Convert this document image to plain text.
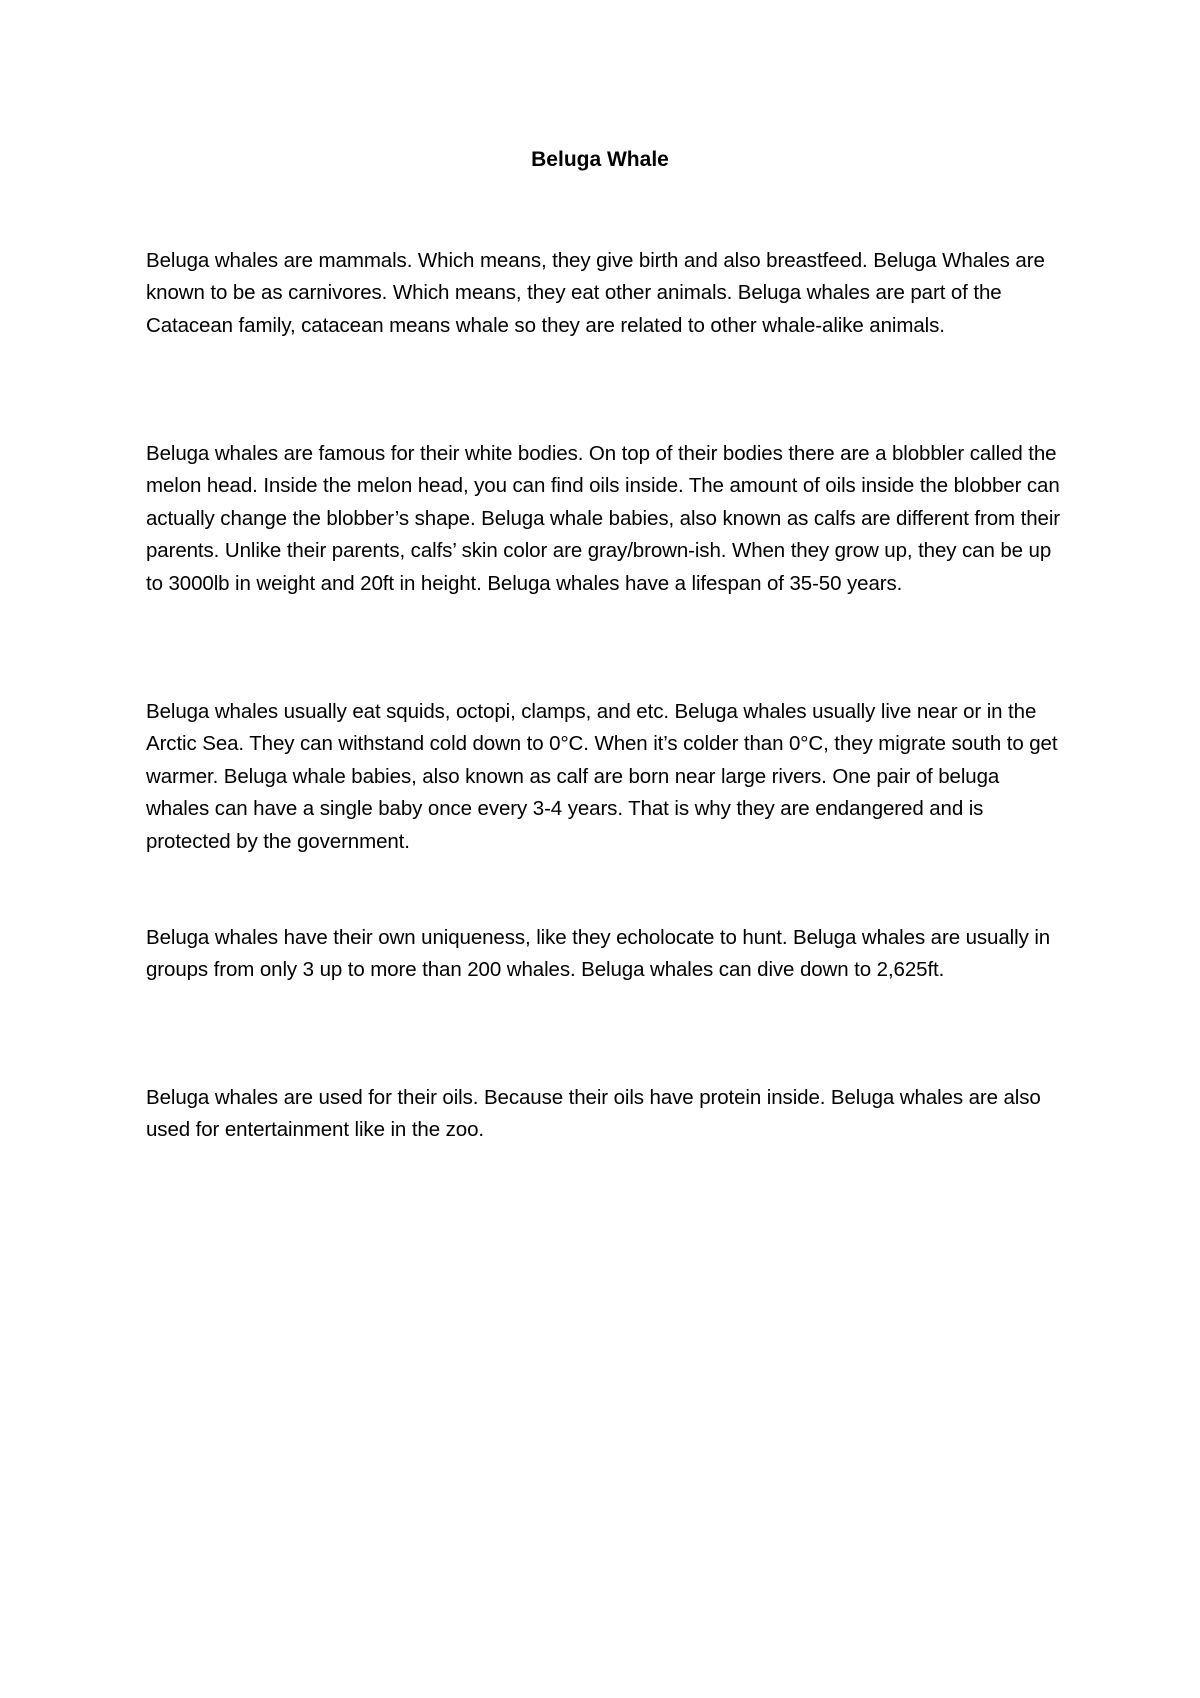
Beluga Whale

Beluga whales are mammals. Which means, they give birth and also breastfeed. Beluga Whales are known to be as carnivores. Which means, they eat other animals. Beluga whales are part of the Catacean family, catacean means whale so they are related to other whale-alike animals.

Beluga whales are famous for their white bodies. On top of their bodies there are a blobbler called the melon head. Inside the melon head, you can find oils inside. The amount of oils inside the blobber can actually change the blobber’s shape. Beluga whale babies, also known as calfs are different from their parents. Unlike their parents, calfs’ skin color are gray/brown-ish. When they grow up, they can be up to 3000lb in weight and 20ft in height. Beluga whales have a lifespan of 35-50 years.

Beluga whales usually eat squids, octopi, clamps, and etc. Beluga whales usually live near or in the Arctic Sea. They can withstand cold down to 0°C. When it’s colder than 0°C, they migrate south to get warmer. Beluga whale babies, also known as calf are born near large rivers. One pair of beluga whales can have a single baby once every 3-4 years. That is why they are endangered and is protected by the government.

Beluga whales have their own uniqueness, like they echolocate to hunt. Beluga whales are usually in groups from only 3 up to more than 200 whales. Beluga whales can dive down to 2,625ft.

Beluga whales are used for their oils. Because their oils have protein inside. Beluga whales are also used for entertainment like in the zoo.
